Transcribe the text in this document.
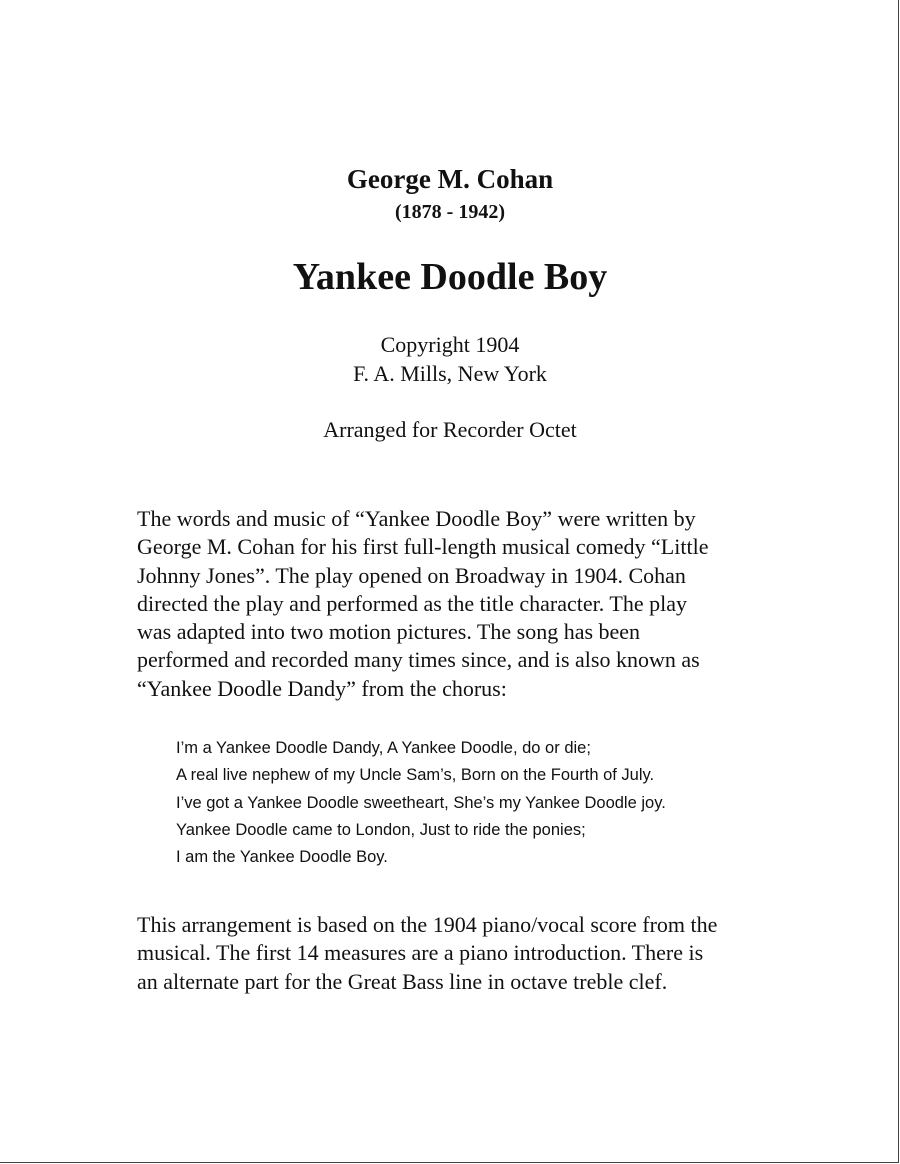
George M. Cohan
(1878 - 1942)
Yankee Doodle Boy
Copyright 1904
F. A. Mills, New York
Arranged for Recorder Octet
The words and music of “Yankee Doodle Boy” were written by
George M. Cohan for his first full-length musical comedy “Little
Johnny Jones”. The play opened on Broadway in 1904. Cohan
directed the play and performed as the title character. The play
was adapted into two motion pictures. The song has been
performed and recorded many times since, and is also known as
“Yankee Doodle Dandy” from the chorus:
I’m a Yankee Doodle Dandy, A Yankee Doodle, do or die;
A real live nephew of my Uncle Sam’s, Born on the Fourth of July.
I’ve got a Yankee Doodle sweetheart, She’s my Yankee Doodle joy.
Yankee Doodle came to London, Just to ride the ponies;
I am the Yankee Doodle Boy.
This arrangement is based on the 1904 piano/vocal score from the
musical. The first 14 measures are a piano introduction. There is
an alternate part for the Great Bass line in octave treble clef.
